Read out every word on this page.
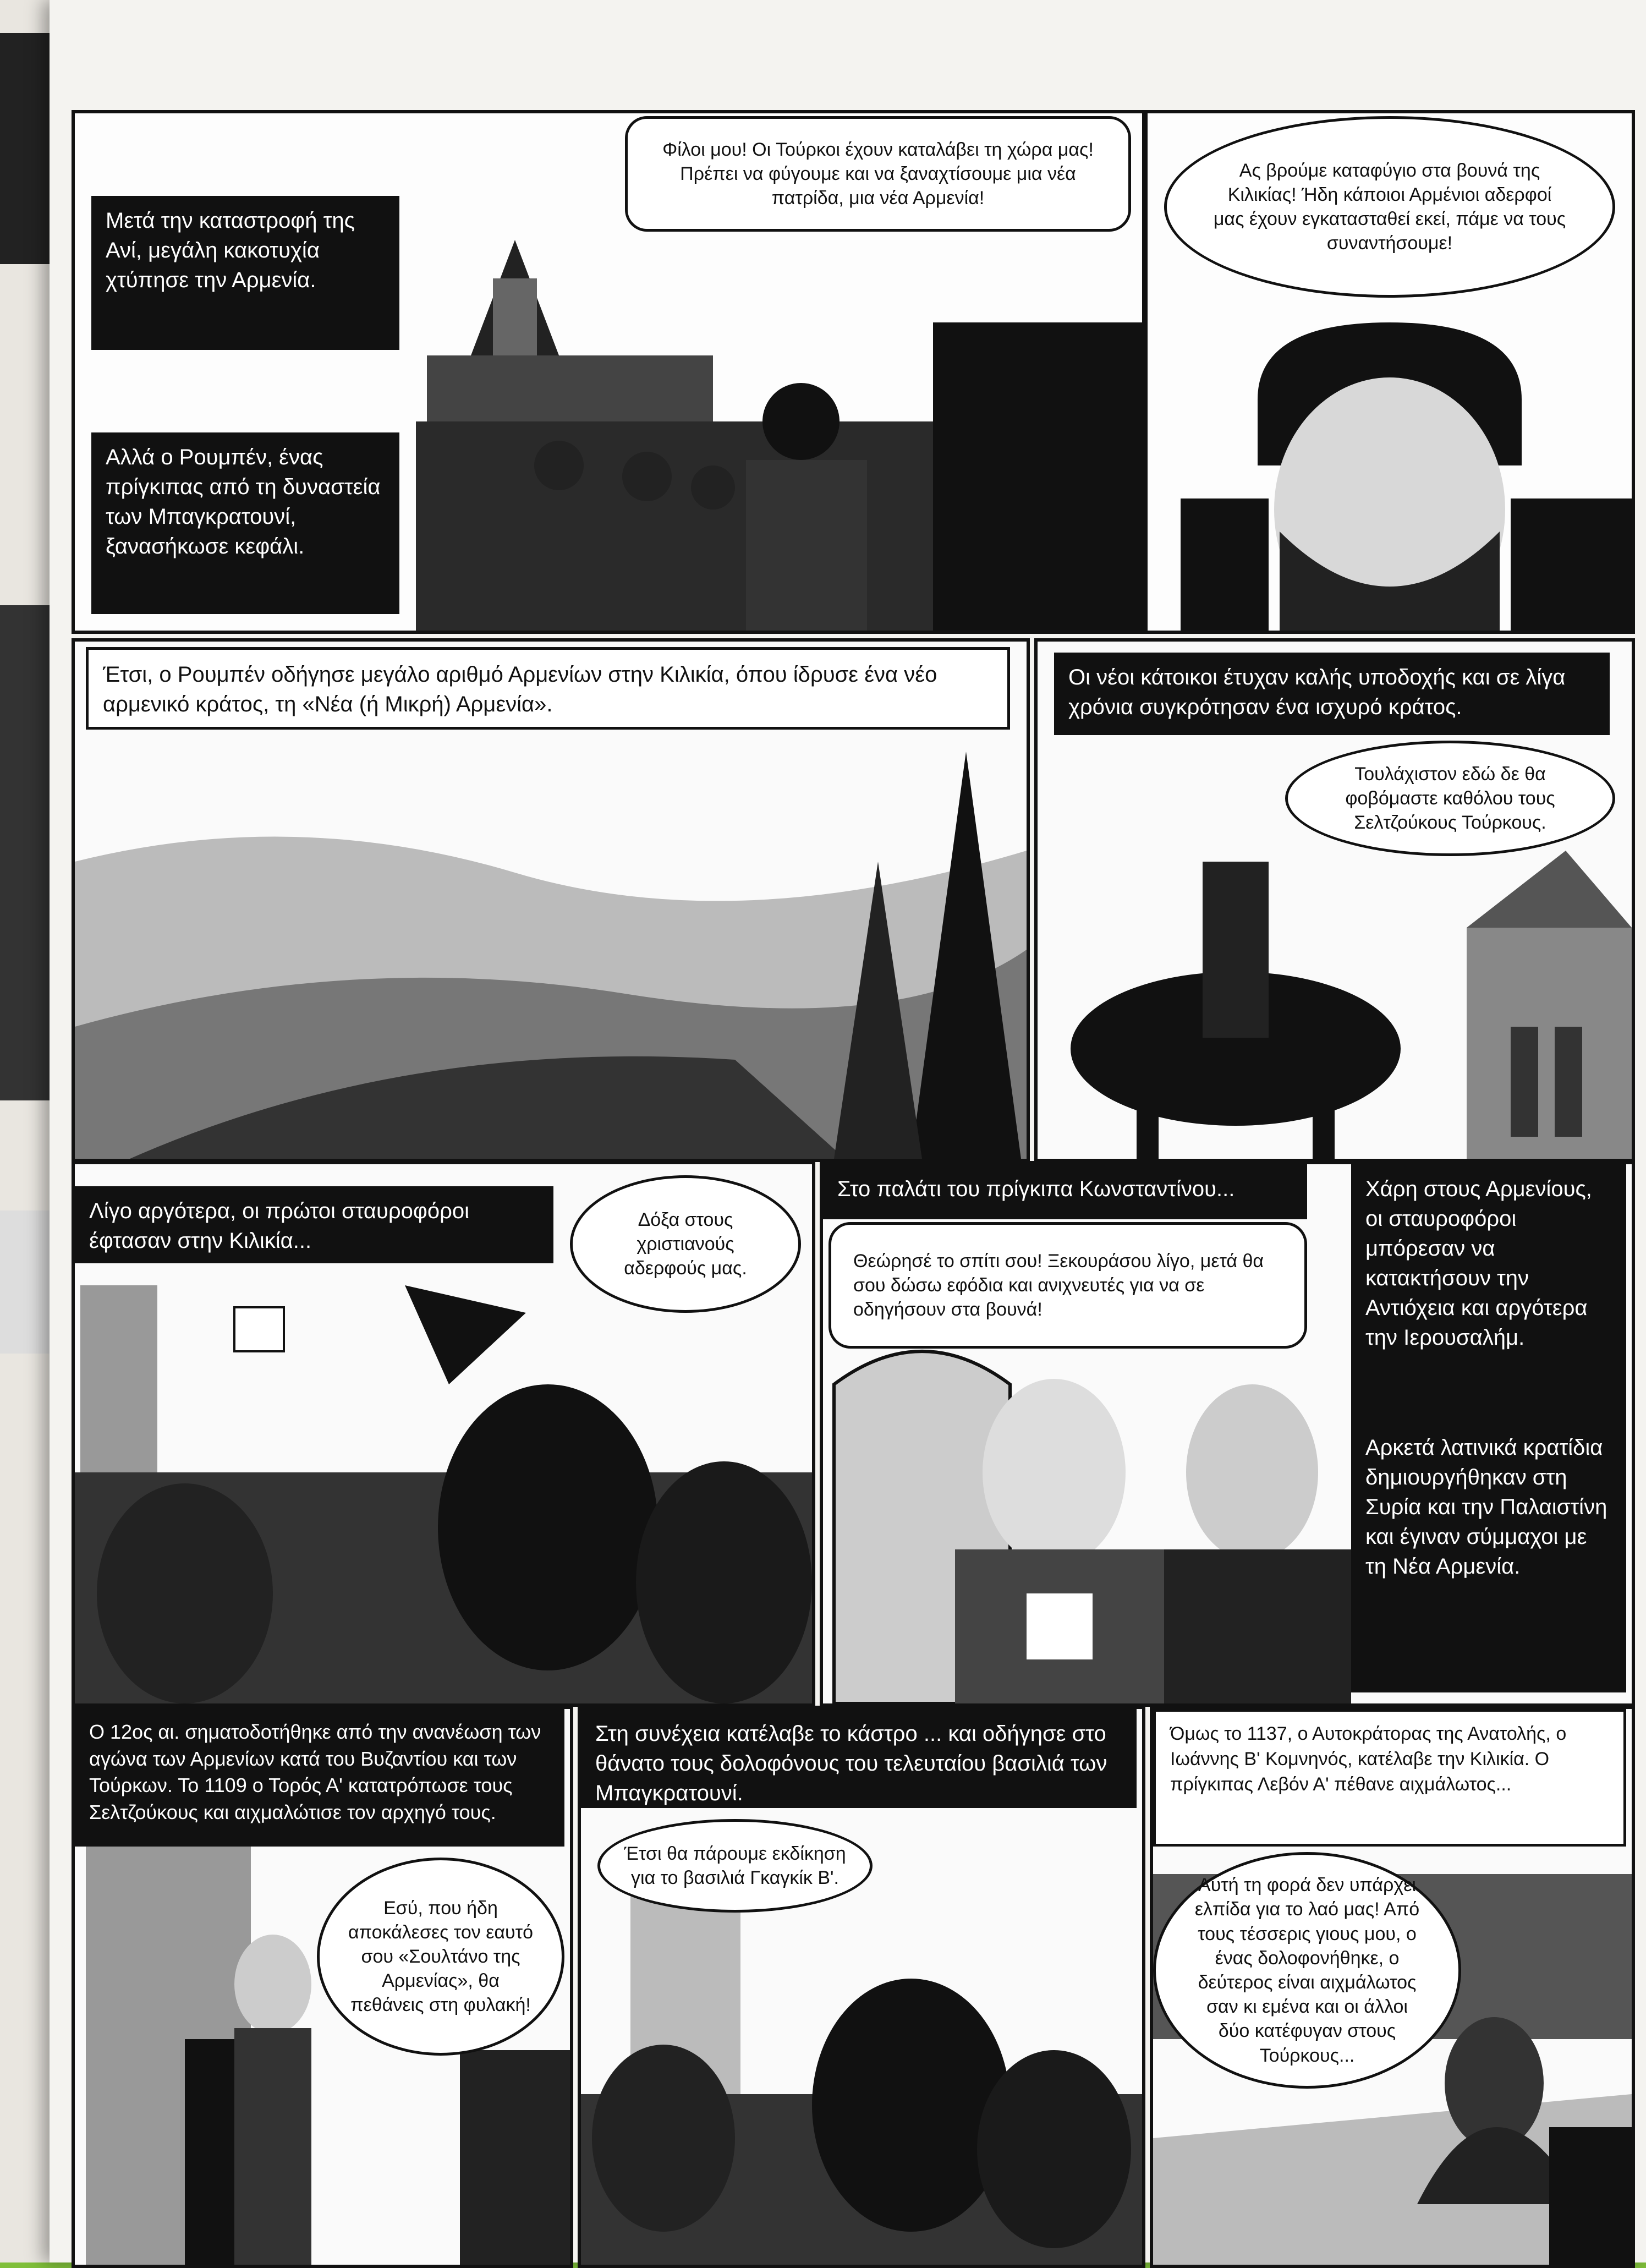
Μετά την καταστροφή της Ανί, μεγάλη κακοτυχία χτύπησε την Αρμενία.
Αλλά ο Ρουμπέν, ένας πρίγκιπας από τη δυναστεία των Μπαγκρατουνί, ξανασήκωσε κεφάλι.
Φίλοι μου! Οι Τούρκοι έχουν καταλάβει τη χώρα μας! Πρέπει να φύγουμε και να ξαναχτίσουμε μια νέα πατρίδα, μια νέα Αρμενία!
Ας βρούμε καταφύγιο στα βουνά της Κιλικίας! Ήδη κάποιοι Αρμένιοι αδερφοί μας έχουν εγκατασταθεί εκεί, πάμε να τους συναντήσουμε!
Έτσι, ο Ρουμπέν οδήγησε μεγάλο αριθμό Αρμενίων στην Κιλικία, όπου ίδρυσε ένα νέο αρμενικό κράτος, τη «Νέα (ή Μικρή) Αρμενία».
Οι νέοι κάτοικοι έτυχαν καλής υποδοχής και σε λίγα χρόνια συγκρότησαν ένα ισχυρό κράτος.
Τουλάχιστον εδώ δε θα φοβόμαστε καθόλου τους Σελτζούκους Τούρκους.
Λίγο αργότερα, οι πρώτοι σταυροφόροι έφτασαν στην Κιλικία...
Δόξα στους χριστιανούς αδερφούς μας.
Στο παλάτι του πρίγκιπα Κωνσταντίνου...
Θεώρησέ το σπίτι σου! Ξεκουράσου λίγο, μετά θα σου δώσω εφόδια και ανιχνευτές για να σε οδηγήσουν στα βουνά!
Χάρη στους Αρμενίους, οι σταυροφόροι μπόρεσαν να κατακτήσουν την Αντιόχεια και αργότερα την Ιερουσαλήμ.
Αρκετά λατινικά κρατίδια δημιουργήθηκαν στη Συρία και την Παλαιστίνη και έγιναν σύμμαχοι με τη Νέα Αρμενία.
Ο 12ος αι. σηματοδοτήθηκε από την ανανέωση των αγώνα των Αρμενίων κατά του Βυζαντίου και των Τούρκων. Το 1109 ο Τορός Α' κατατρόπωσε τους Σελτζούκους και αιχμαλώτισε τον αρχηγό τους.
Εσύ, που ήδη αποκάλεσες τον εαυτό σου «Σουλτάνο της Αρμενίας», θα πεθάνεις στη φυλακή!
Στη συνέχεια κατέλαβε το κάστρο ... και οδήγησε στο θάνατο τους δολοφόνους του τελευταίου βασιλιά των Μπαγκρατουνί.
Έτσι θα πάρουμε εκδίκηση για το βασιλιά Γκαγκίκ Β'.
Όμως το 1137, ο Αυτοκράτορας της Ανατολής, ο Ιωάννης Β' Κομνηνός, κατέλαβε την Κιλικία. Ο πρίγκιπας Λεβόν Α' πέθανε αιχμάλωτος...
Αυτή τη φορά δεν υπάρχει ελπίδα για το λαό μας! Από τους τέσσερις γιους μου, ο ένας δολοφονήθηκε, ο δεύτερος είναι αιχμάλωτος σαν κι εμένα και οι άλλοι δύο κατέφυγαν στους Τούρκους...
